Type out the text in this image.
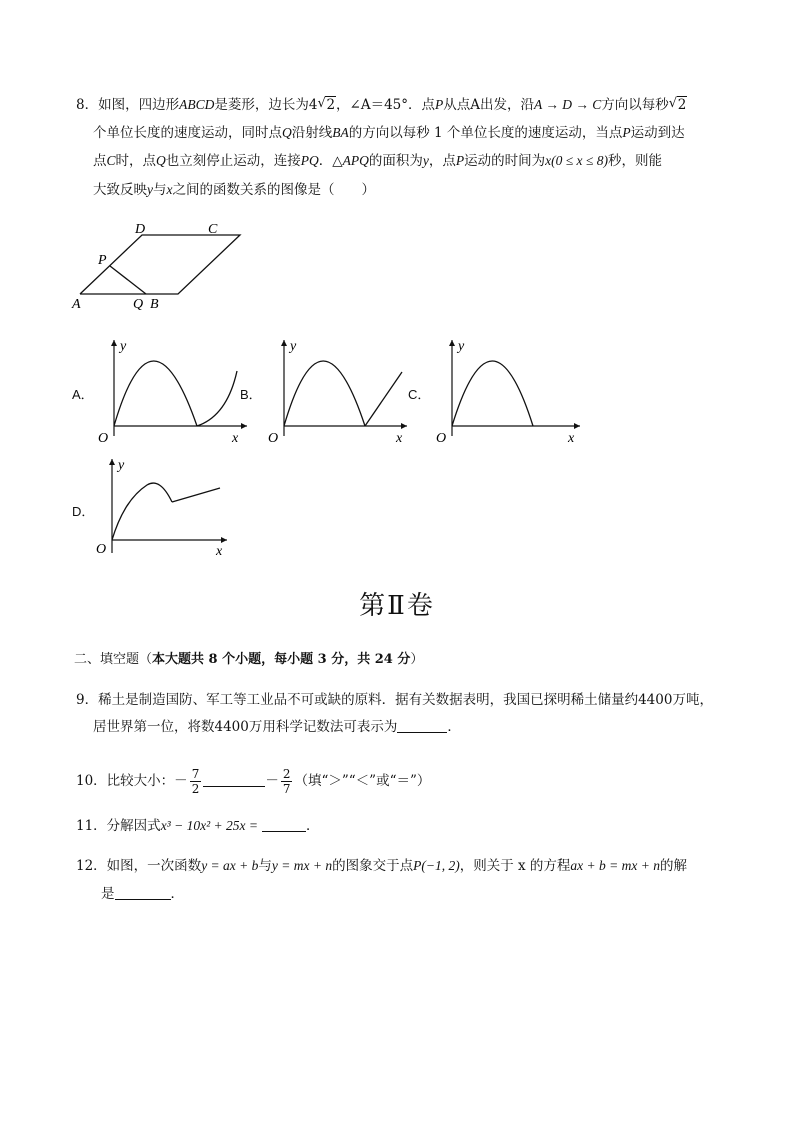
8．如图，四边形ABCD是菱形，边长为4 √ 2，∠A＝45°．点P从点A出发，沿A → D → C方向以每秒 √ 2
个单位长度的速度运动，同时点Q沿射线BA的方向以每秒 1 个单位长度的速度运动，当点P运动到达
点C时，点Q也立刻停止运动，连接PQ．△APQ的面积为y，点P运动的时间为x(0 ≤ x ≤ 8)秒，则能
大致反映y与x之间的函数关系的图像是（　　）
D	C
P
A	Q B
A．
y
x
O
B．
y
x
O
C．
y
x
O
D．
y
x
O
第Ⅱ卷
二、填空题（本大题共 8 个小题，每小题 3 分，共 24 分）
9．稀土是制造国防、军工等工业品不可或缺的原料．据有关数据表明，我国已探明稀土储量约4400万吨，
居世界第一位，将数4400万用科学记数法可表示为	．
10．比较大小：－ $\frac{7}{2}$	－ $\frac{2}{7}$ （填“＞”“＜”或“＝”）
11．分解因式x³ − 10x² + 25x =	．
12．如图，一次函数y = ax + b与y = mx + n的图象交于点P(−1, 2)，则关于 x 的方程ax + b = mx + n的解
是	．
